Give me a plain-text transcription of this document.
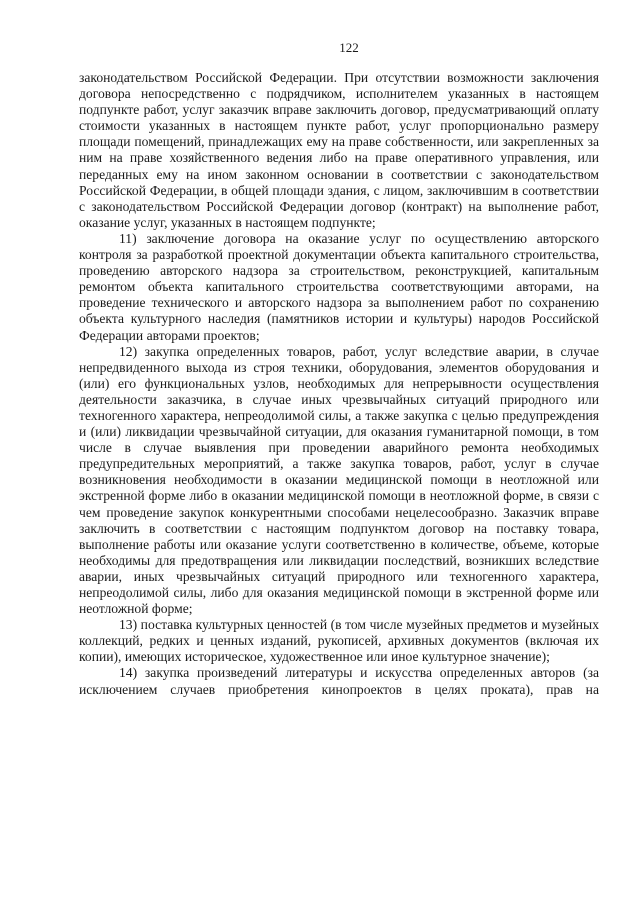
122

законодательством Российской Федерации. При отсутствии возможности заключения договора непосредственно с подрядчиком, исполнителем указанных в настоящем подпункте работ, услуг заказчик вправе заключить договор, предусматривающий оплату стоимости указанных в настоящем пункте работ, услуг пропорционально размеру площади помещений, принадлежащих ему на праве собственности, или закрепленных за ним на праве хозяйственного ведения либо на праве оперативного управления, или переданных ему на ином законном основании в соответствии с законодательством Российской Федерации, в общей площади здания, с лицом, заключившим в соответствии с законодательством Российской Федерации договор (контракт) на выполнение работ, оказание услуг, указанных в настоящем подпункте;

11) заключение договора на оказание услуг по осуществлению авторского контроля за разработкой проектной документации объекта капитального строительства, проведению авторского надзора за строительством, реконструкцией, капитальным ремонтом объекта капитального строительства соответствующими авторами, на проведение технического и авторского надзора за выполнением работ по сохранению объекта культурного наследия (памятников истории и культуры) народов Российской Федерации авторами проектов;

12) закупка определенных товаров, работ, услуг вследствие аварии, в случае непредвиденного выхода из строя техники, оборудования, элементов оборудования и (или) его функциональных узлов, необходимых для непрерывности осуществления деятельности заказчика, в случае иных чрезвычайных ситуаций природного или техногенного характера, непреодолимой силы, а также закупка с целью предупреждения и (или) ликвидации чрезвычайной ситуации, для оказания гуманитарной помощи, в том числе в случае выявления при проведении аварийного ремонта необходимых предупредительных мероприятий, а также закупка товаров, работ, услуг в случае возникновения необходимости в оказании медицинской помощи в неотложной или экстренной форме либо в оказании медицинской помощи в неотложной форме, в связи с чем проведение закупок конкурентными способами нецелесообразно. Заказчик вправе заключить в соответствии с настоящим подпунктом договор на поставку товара, выполнение работы или оказание услуги соответственно в количестве, объеме, которые необходимы для предотвращения или ликвидации последствий, возникших вследствие аварии, иных чрезвычайных ситуаций природного или техногенного характера, непреодолимой силы, либо для оказания медицинской помощи в экстренной форме или неотложной форме;

13) поставка культурных ценностей (в том числе музейных предметов и музейных коллекций, редких и ценных изданий, рукописей, архивных документов (включая их копии), имеющих историческое, художественное или иное культурное значение);

14) закупка произведений литературы и искусства определенных авторов (за исключением случаев приобретения кинопроектов в целях проката), прав на
